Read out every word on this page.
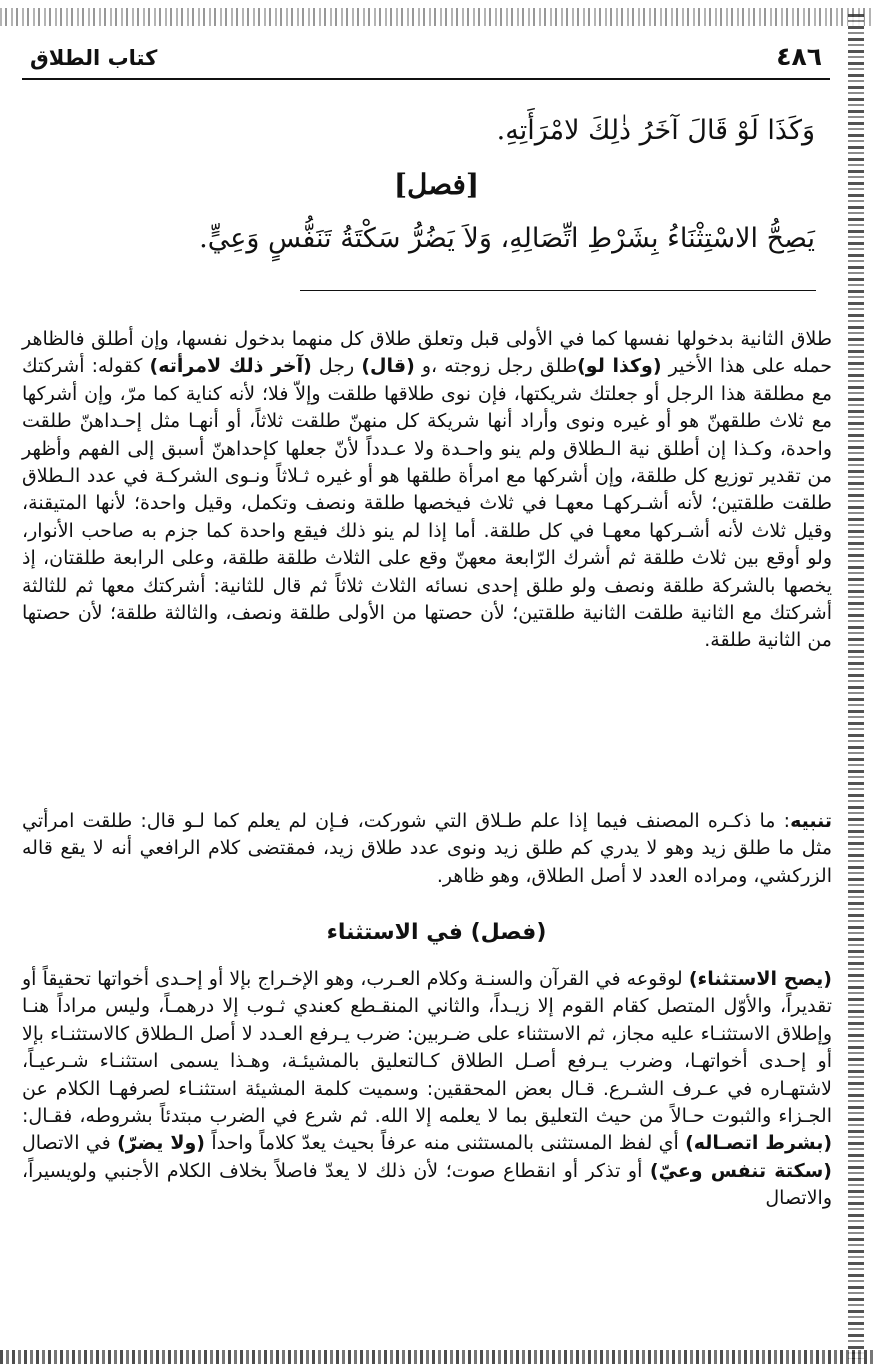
٤٨٦
كتاب الطلاق
وَكَذَا لَوْ قَالَ آخَرُ ذٰلِكَ لامْرَأَتِهِ.
[فصل]
يَصِحُّ الاسْتِثْنَاءُ بِشَرْطِ اتِّصَالِهِ، وَلاَ يَضُرُّ سَكْتَةُ تَنَفُّسٍ وَعِيٍّ.
طلاق الثانية بدخولها نفسها كما في الأولى قبل وتعلق طلاق كل منهما بدخول نفسها، وإن أطلق فالظاهر حمله على هذا الأخير (وكذا لو)طلق رجل زوجته ،و (قال) رجل (آخر ذلك لامرأته) كقوله: أشركتك مع مطلقة هذا الرجل أو جعلتك شريكتها، فإن نوى طلاقها طلقت وإلاّ فلا؛ لأنه كناية كما مرّ، وإن أشركها مع ثلاث طلقهنّ هو أو غيره ونوى وأراد أنها شريكة كل منهنّ طلقت ثلاثاً، أو أنهـا مثل إحـداهنّ طلقت واحدة، وكـذا إن أطلق نية الـطلاق ولم ينو واحـدة ولا عـدداً لأنّ جعلها كإحداهنّ أسبق إلى الفهم وأظهر من تقدير توزيع كل طلقة، وإن أشركها مع امرأة طلقها هو أو غيره ثـلاثاً ونـوى الشركـة في عدد الـطلاق طلقت طلقتين؛ لأنه أشـركهـا معهـا في ثلاث فيخصها طلقة ونصف وتكمل، وقيل واحدة؛ لأنها المتيقنة، وقيل ثلاث لأنه أشـركها معهـا في كل طلقة. أما إذا لم ينو ذلك فيقع واحدة كما جزم به صاحب الأنوار، ولو أوقع بين ثلاث طلقة ثم أشرك الرّابعة معهنّ وقع على الثلاث طلقة طلقة، وعلى الرابعة طلقتان، إذ يخصها بالشركة طلقة ونصف ولو طلق إحدى نسائه الثلاث ثلاثاً ثم قال للثانية: أشركتك معها ثم للثالثة أشركتك مع الثانية طلقت الثانية طلقتين؛ لأن حصتها من الأولى طلقة ونصف، والثالثة طلقة؛ لأن حصتها من الثانية طلقة.
تنبيه: ما ذكـره المصنف فيما إذا علم طـلاق التي شوركت، فـإن لم يعلم كما لـو قال: طلقت امرأتي مثل ما طلق زيد وهو لا يدري كم طلق زيد ونوى عدد طلاق زيد، فمقتضى كلام الرافعي أنه لا يقع قاله الزركشي، ومراده العدد لا أصل الطلاق، وهو ظاهر.
(فصل) في الاستثناء
(يصح الاستثناء) لوقوعه في القرآن والسنـة وكلام العـرب، وهو الإخـراج بإلا أو إحـدى أخواتها تحقيقاً أو تقديراً، والأوّل المتصل كقام القوم إلا زيـداً، والثاني المنقـطع كعندي ثـوب إلا درهمـاً، وليس مراداً هنـا وإطلاق الاستثنـاء عليه مجاز، ثم الاستثناء على ضـربين: ضرب يـرفع العـدد لا أصل الـطلاق كالاستثنـاء بإلا أو إحـدى أخواتهـا، وضرب يـرفع أصـل الطلاق كـالتعليق بالمشيئـة، وهـذا يسمى استثنـاء شـرعيـاً، لاشتهـاره في عـرف الشـرع. قـال بعض المحققين: وسميت كلمة المشيئة استثنـاء لصرفهـا الكلام عن الجـزاء والثبوت حـالاً من حيث التعليق بما لا يعلمه إلا الله. ثم شرع في الضرب مبتدئاً بشروطه، فقـال: (بشرط اتصـاله) أي لفظ المستثنى بالمستثنى منه عرفاً بحيث يعدّ كلاماً واحداً (ولا يضرّ) في الاتصال (سكتة تنفس وعيّ) أو تذكر أو انقطاع صوت؛ لأن ذلك لا يعدّ فاصلاً بخلاف الكلام الأجنبي ولويسيراً، والاتصال
